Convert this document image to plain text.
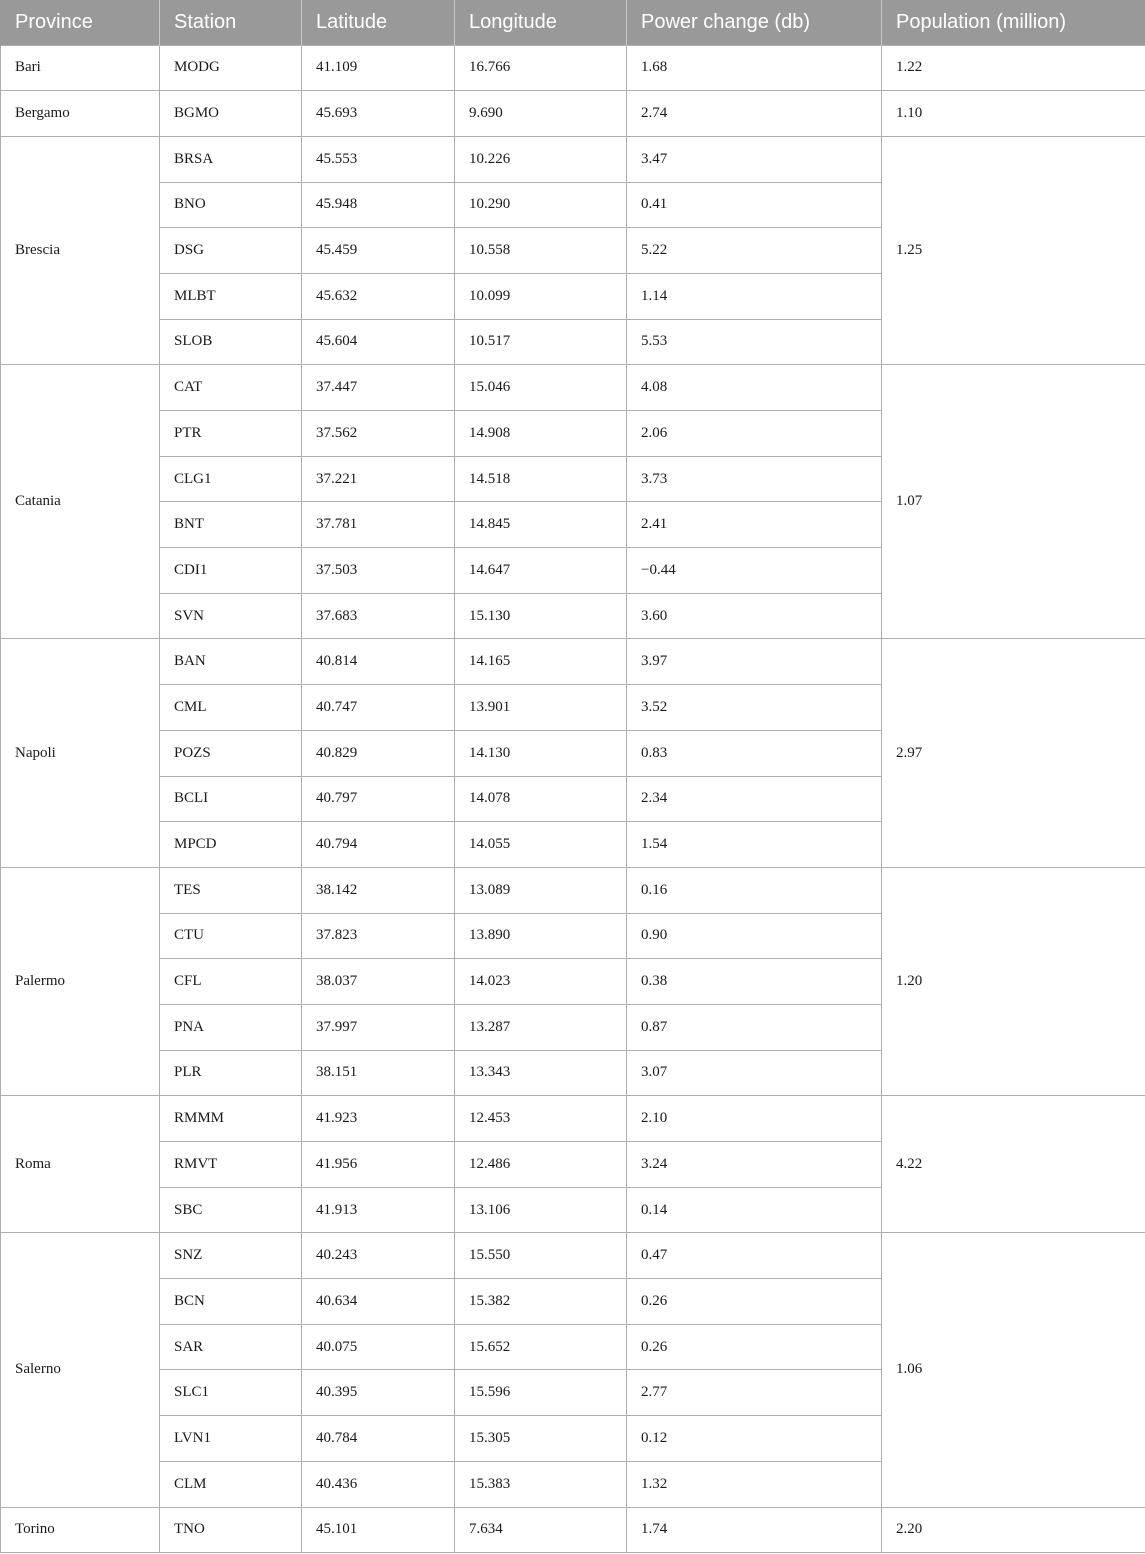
Province	Station	Latitude	Longitude	Power change (db)	Population (million)
Bari	MODG	41.109	16.766	1.68	1.22
Bergamo	BGMO	45.693	9.690	2.74	1.10
Brescia	BRSA	45.553	10.226	3.47	1.25
	BNO	45.948	10.290	0.41	
	DSG	45.459	10.558	5.22	
	MLBT	45.632	10.099	1.14	
	SLOB	45.604	10.517	5.53	
Catania	CAT	37.447	15.046	4.08	1.07
	PTR	37.562	14.908	2.06	
	CLG1	37.221	14.518	3.73	
	BNT	37.781	14.845	2.41	
	CDI1	37.503	14.647	−0.44	
	SVN	37.683	15.130	3.60	
Napoli	BAN	40.814	14.165	3.97	2.97
	CML	40.747	13.901	3.52	
	POZS	40.829	14.130	0.83	
	BCLI	40.797	14.078	2.34	
	MPCD	40.794	14.055	1.54	
Palermo	TES	38.142	13.089	0.16	1.20
	CTU	37.823	13.890	0.90	
	CFL	38.037	14.023	0.38	
	PNA	37.997	13.287	0.87	
	PLR	38.151	13.343	3.07	
Roma	RMMM	41.923	12.453	2.10	4.22
	RMVT	41.956	12.486	3.24	
	SBC	41.913	13.106	0.14	
Salerno	SNZ	40.243	15.550	0.47	1.06
	BCN	40.634	15.382	0.26	
	SAR	40.075	15.652	0.26	
	SLC1	40.395	15.596	2.77	
	LVN1	40.784	15.305	0.12	
	CLM	40.436	15.383	1.32	
Torino	TNO	45.101	7.634	1.74	2.20
